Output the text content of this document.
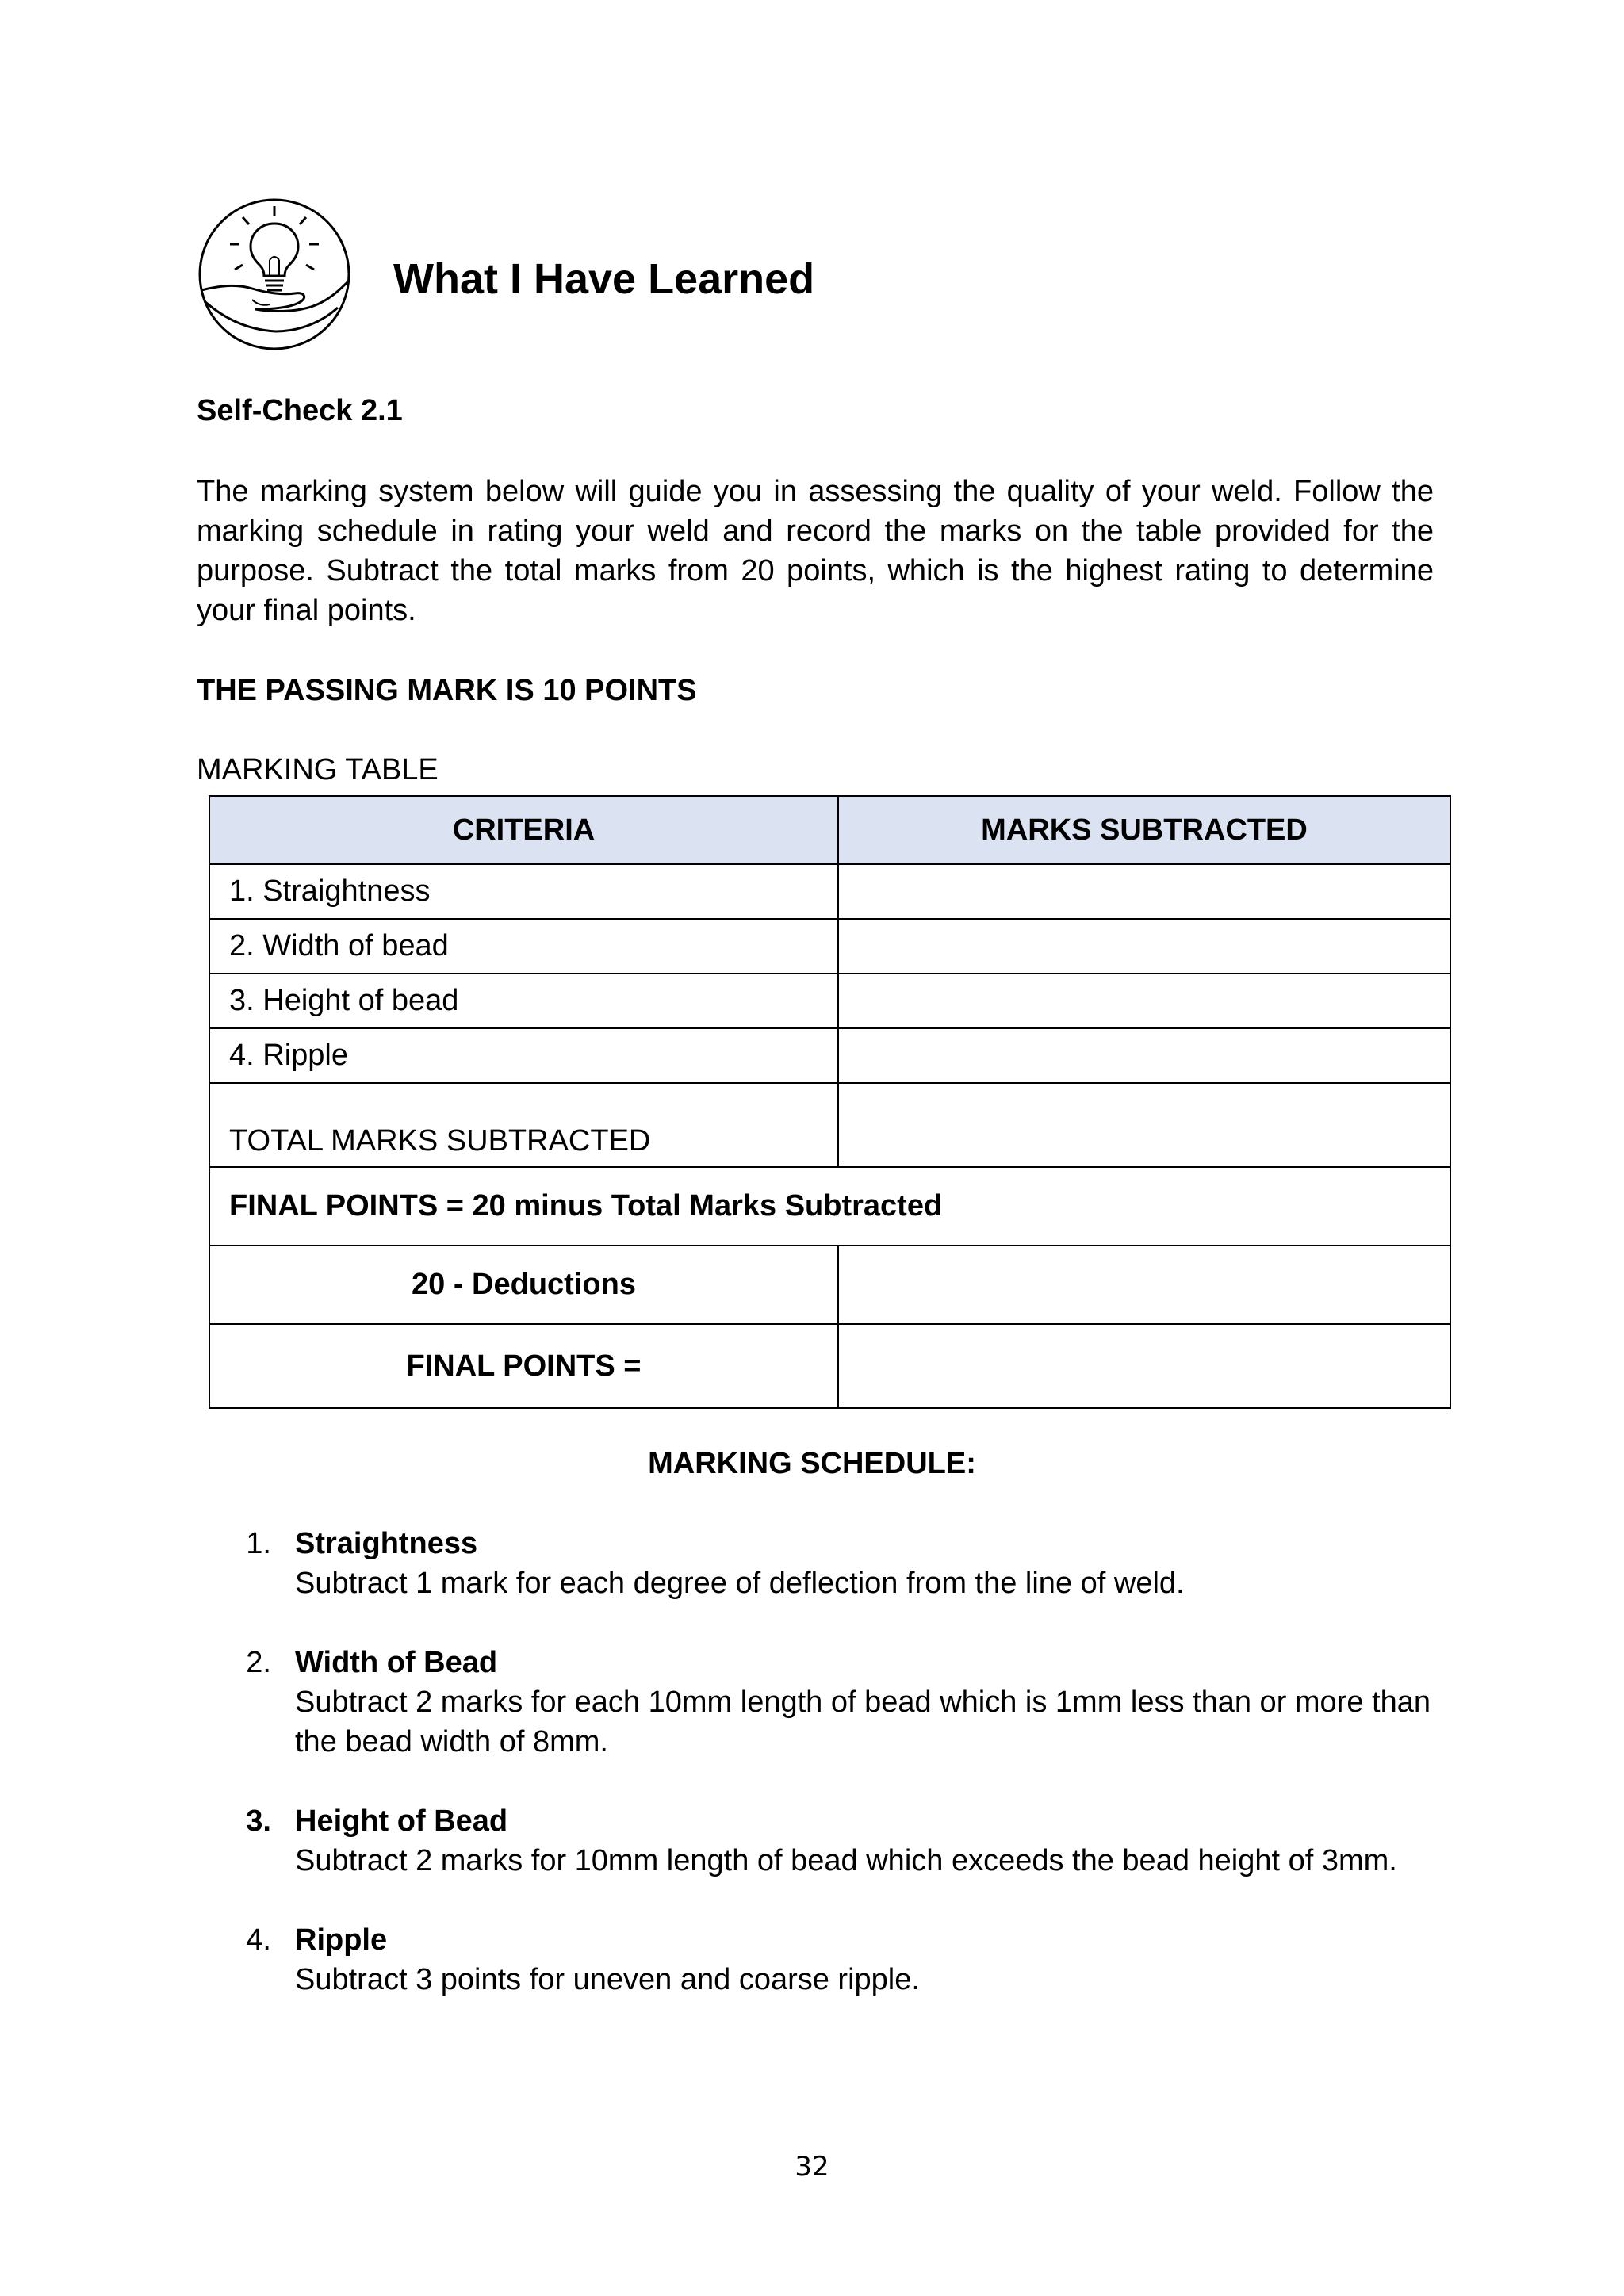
What I Have Learned
Self-Check 2.1

The marking system below will guide you in assessing the quality of your weld. Follow the marking schedule in rating your weld and record the marks on the table provided for the purpose. Subtract the total marks from 20 points, which is the highest rating to determine your final points.

THE PASSING MARK IS 10 POINTS
MARKING TABLE
CRITERIA	MARKS SUBTRACTED
1. Straightness	
2. Width of bead	
3. Height of bead	
4. Ripple	
TOTAL MARKS SUBTRACTED	
FINAL POINTS = 20 minus Total Marks Subtracted	
20 - Deductions	
FINAL POINTS =	
MARKING SCHEDULE:
1. Straightness
Subtract 1 mark for each degree of deflection from the line of weld.
2. Width of Bead
Subtract 2 marks for each 10mm length of bead which is 1mm less than or more than the bead width of 8mm.
3. Height of Bead
Subtract 2 marks for 10mm length of bead which exceeds the bead height of 3mm.
4. Ripple
Subtract 3 points for uneven and coarse ripple.
32
